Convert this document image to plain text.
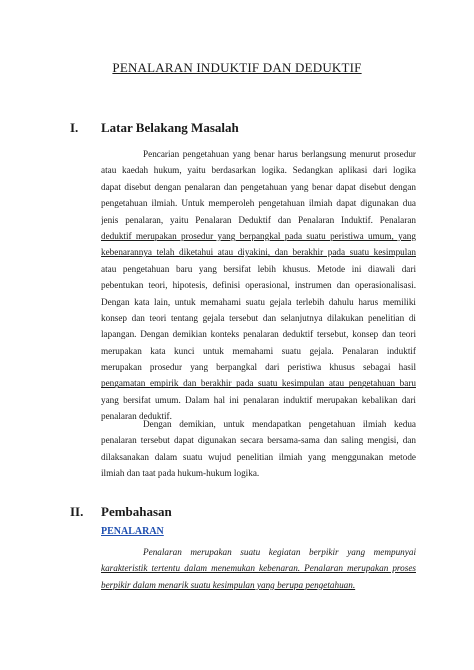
PENALARAN INDUKTIF DAN DEDUKTIF
I. Latar Belakang Masalah
Pencarian pengetahuan yang benar harus berlangsung menurut prosedur
atau kaedah hukum, yaitu berdasarkan logika. Sedangkan aplikasi dari logika
dapat disebut dengan penalaran dan pengetahuan yang benar dapat disebut dengan
pengetahuan ilmiah. Untuk memperoleh pengetahuan ilmiah dapat digunakan dua
jenis penalaran, yaitu Penalaran Deduktif dan Penalaran Induktif. Penalaran
deduktif merupakan prosedur yang berpangkal pada suatu peristiwa umum, yang
kebenarannya telah diketahui atau diyakini, dan berakhir pada suatu kesimpulan
atau pengetahuan baru yang bersifat lebih khusus. Metode ini diawali dari
pebentukan teori, hipotesis, definisi operasional, instrumen dan operasionalisasi.
Dengan kata lain, untuk memahami suatu gejala terlebih dahulu harus memiliki
konsep dan teori tentang gejala tersebut dan selanjutnya dilakukan penelitian di
lapangan. Dengan demikian konteks penalaran deduktif tersebut, konsep dan teori
merupakan kata kunci untuk memahami suatu gejala. Penalaran induktif
merupakan prosedur yang berpangkal dari peristiwa khusus sebagai hasil
pengamatan empirik dan berakhir pada suatu kesimpulan atau pengetahuan baru
yang bersifat umum. Dalam hal ini penalaran induktif merupakan kebalikan dari
penalaran deduktif.
Dengan demikian, untuk mendapatkan pengetahuan ilmiah kedua
penalaran tersebut dapat digunakan secara bersama-sama dan saling mengisi, dan
dilaksanakan dalam suatu wujud penelitian ilmiah yang menggunakan metode
ilmiah dan taat pada hukum-hukum logika.
II. Pembahasan
PENALARAN
Penalaran merupakan suatu kegiatan berpikir yang mempunyai
karakteristik tertentu dalam menemukan kebenaran. Penalaran merupakan proses
berpikir dalam menarik suatu kesimpulan yang berupa pengetahuan.
